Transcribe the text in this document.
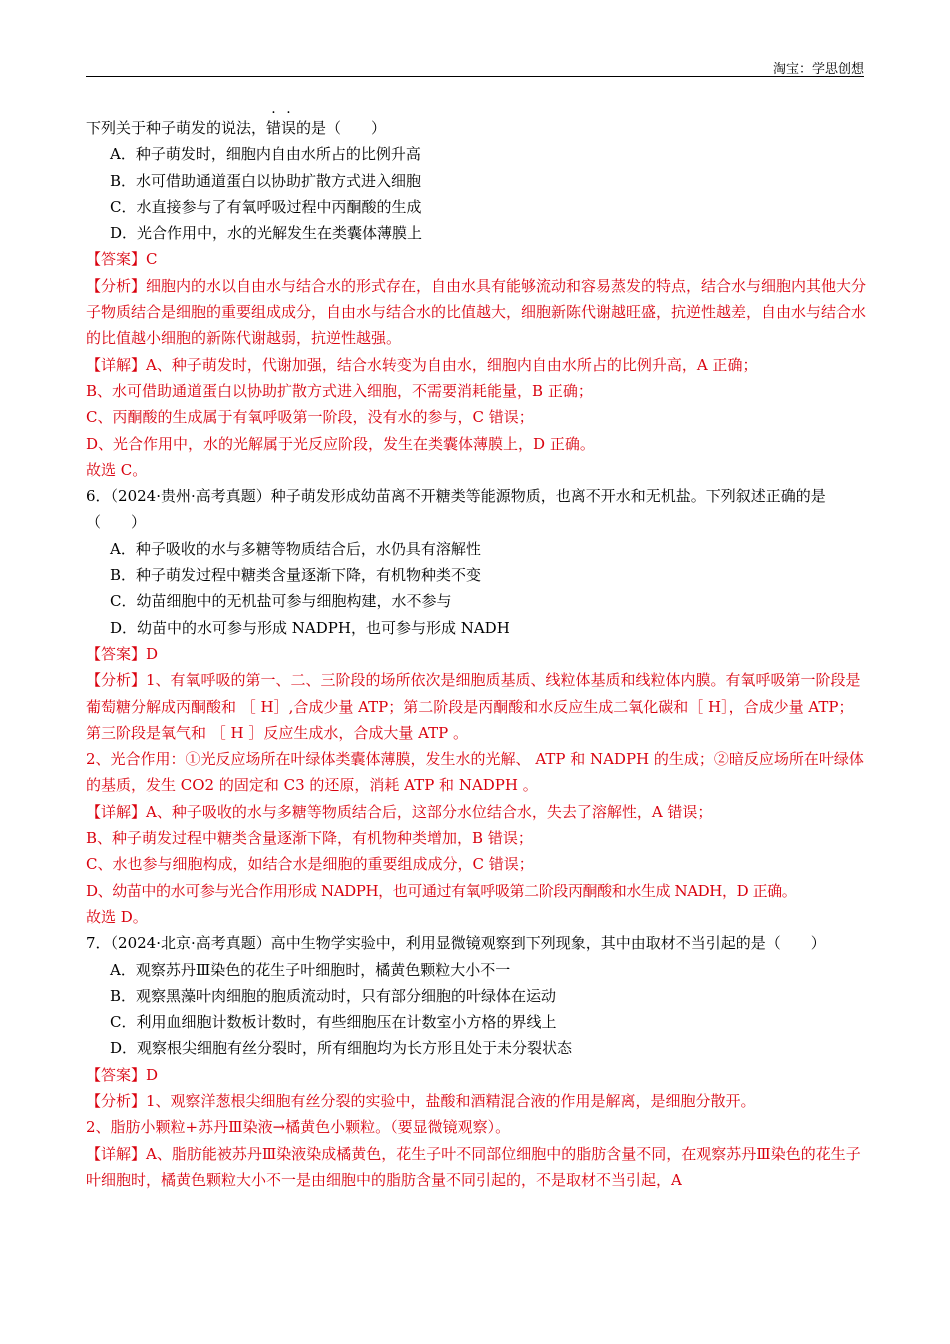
淘宝：学思创想

下列关于种子萌发的说法，错误的是（　　）

A．种子萌发时，细胞内自由水所占的比例升高

B．水可借助通道蛋白以协助扩散方式进入细胞

C．水直接参与了有氧呼吸过程中丙酮酸的生成

D．光合作用中，水的光解发生在类囊体薄膜上

【答案】C

【分析】细胞内的水以自由水与结合水的形式存在，自由水具有能够流动和容易蒸发的特点，结合水与细胞内其他大分子物质结合是细胞的重要组成成分，自由水与结合水的比值越大，细胞新陈代谢越旺盛，抗逆性越差，自由水与结合水的比值越小细胞的新陈代谢越弱，抗逆性越强。

【详解】A、种子萌发时，代谢加强，结合水转变为自由水，细胞内自由水所占的比例升高，A 正确；

B、水可借助通道蛋白以协助扩散方式进入细胞，不需要消耗能量，B 正确；

C、丙酮酸的生成属于有氧呼吸第一阶段，没有水的参与，C 错误；

D、光合作用中，水的光解属于光反应阶段，发生在类囊体薄膜上，D 正确。

故选 C。

6．（2024·贵州·高考真题）种子萌发形成幼苗离不开糖类等能源物质，也离不开水和无机盐。下列叙述正确的是（　　）

A．种子吸收的水与多糖等物质结合后，水仍具有溶解性

B．种子萌发过程中糖类含量逐渐下降，有机物种类不变

C．幼苗细胞中的无机盐可参与细胞构建，水不参与

D．幼苗中的水可参与形成 NADPH，也可参与形成 NADH

【答案】D

【分析】1、有氧呼吸的第一、二、三阶段的场所依次是细胞质基质、线粒体基质和线粒体内膜。有氧呼吸第一阶段是葡萄糖分解成丙酮酸和 ［ H］,合成少量 ATP；第二阶段是丙酮酸和水反应生成二氧化碳和［ H］，合成少量 ATP；第三阶段是氧气和 ［ H ］反应生成水，合成大量 ATP 。

2、光合作用：①光反应场所在叶绿体类囊体薄膜，发生水的光解、 ATP 和 NADPH 的生成；②暗反应场所在叶绿体的基质，发生 CO2 的固定和 C3 的还原，消耗 ATP 和 NADPH 。

【详解】A、种子吸收的水与多糖等物质结合后，这部分水位结合水，失去了溶解性，A 错误；

B、种子萌发过程中糖类含量逐渐下降，有机物种类增加，B 错误；

C、水也参与细胞构成，如结合水是细胞的重要组成成分，C 错误；

D、幼苗中的水可参与光合作用形成 NADPH，也可通过有氧呼吸第二阶段丙酮酸和水生成 NADH，D 正确。

故选 D。

7．（2024·北京·高考真题）高中生物学实验中，利用显微镜观察到下列现象，其中由取材不当引起的是（　　）

A．观察苏丹Ⅲ染色的花生子叶细胞时，橘黄色颗粒大小不一

B．观察黑藻叶肉细胞的胞质流动时，只有部分细胞的叶绿体在运动

C．利用血细胞计数板计数时，有些细胞压在计数室小方格的界线上

D．观察根尖细胞有丝分裂时，所有细胞均为长方形且处于未分裂状态

【答案】D

【分析】1、观察洋葱根尖细胞有丝分裂的实验中，盐酸和酒精混合液的作用是解离，是细胞分散开。

2、脂肪小颗粒+苏丹Ⅲ染液→橘黄色小颗粒。（要显微镜观察）。

【详解】A、脂肪能被苏丹Ⅲ染液染成橘黄色，花生子叶不同部位细胞中的脂肪含量不同，在观察苏丹Ⅲ染色的花生子叶细胞时，橘黄色颗粒大小不一是由细胞中的脂肪含量不同引起的，不是取材不当引起，A
